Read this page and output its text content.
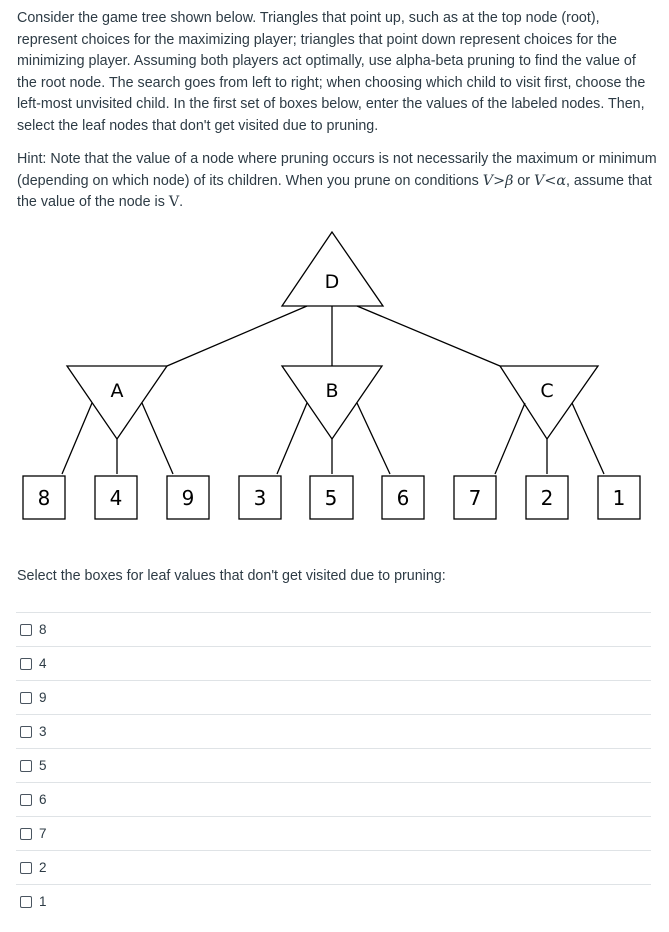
Consider the game tree shown below. Triangles that point up, such as at the top node (root), represent choices for the maximizing player; triangles that point down represent choices for the minimizing player. Assuming both players act optimally, use alpha-beta pruning to find the value of the root node. The search goes from left to right; when choosing which child to visit first, choose the left-most unvisited child. In the first set of boxes below, enter the values of the labeled nodes. Then, select the leaf nodes that don't get visited due to pruning.

Hint: Note that the value of a node where pruning occurs is not necessarily the maximum or minimum (depending on which node) of its children. When you prune on conditions V>β or V<α, assume that the value of the node is V.

D
A	B	C
8	4	9	3	5	6	7	2	1

Select the boxes for leaf values that don't get visited due to pruning:

8
4
9
3
5
6
7
2
1
